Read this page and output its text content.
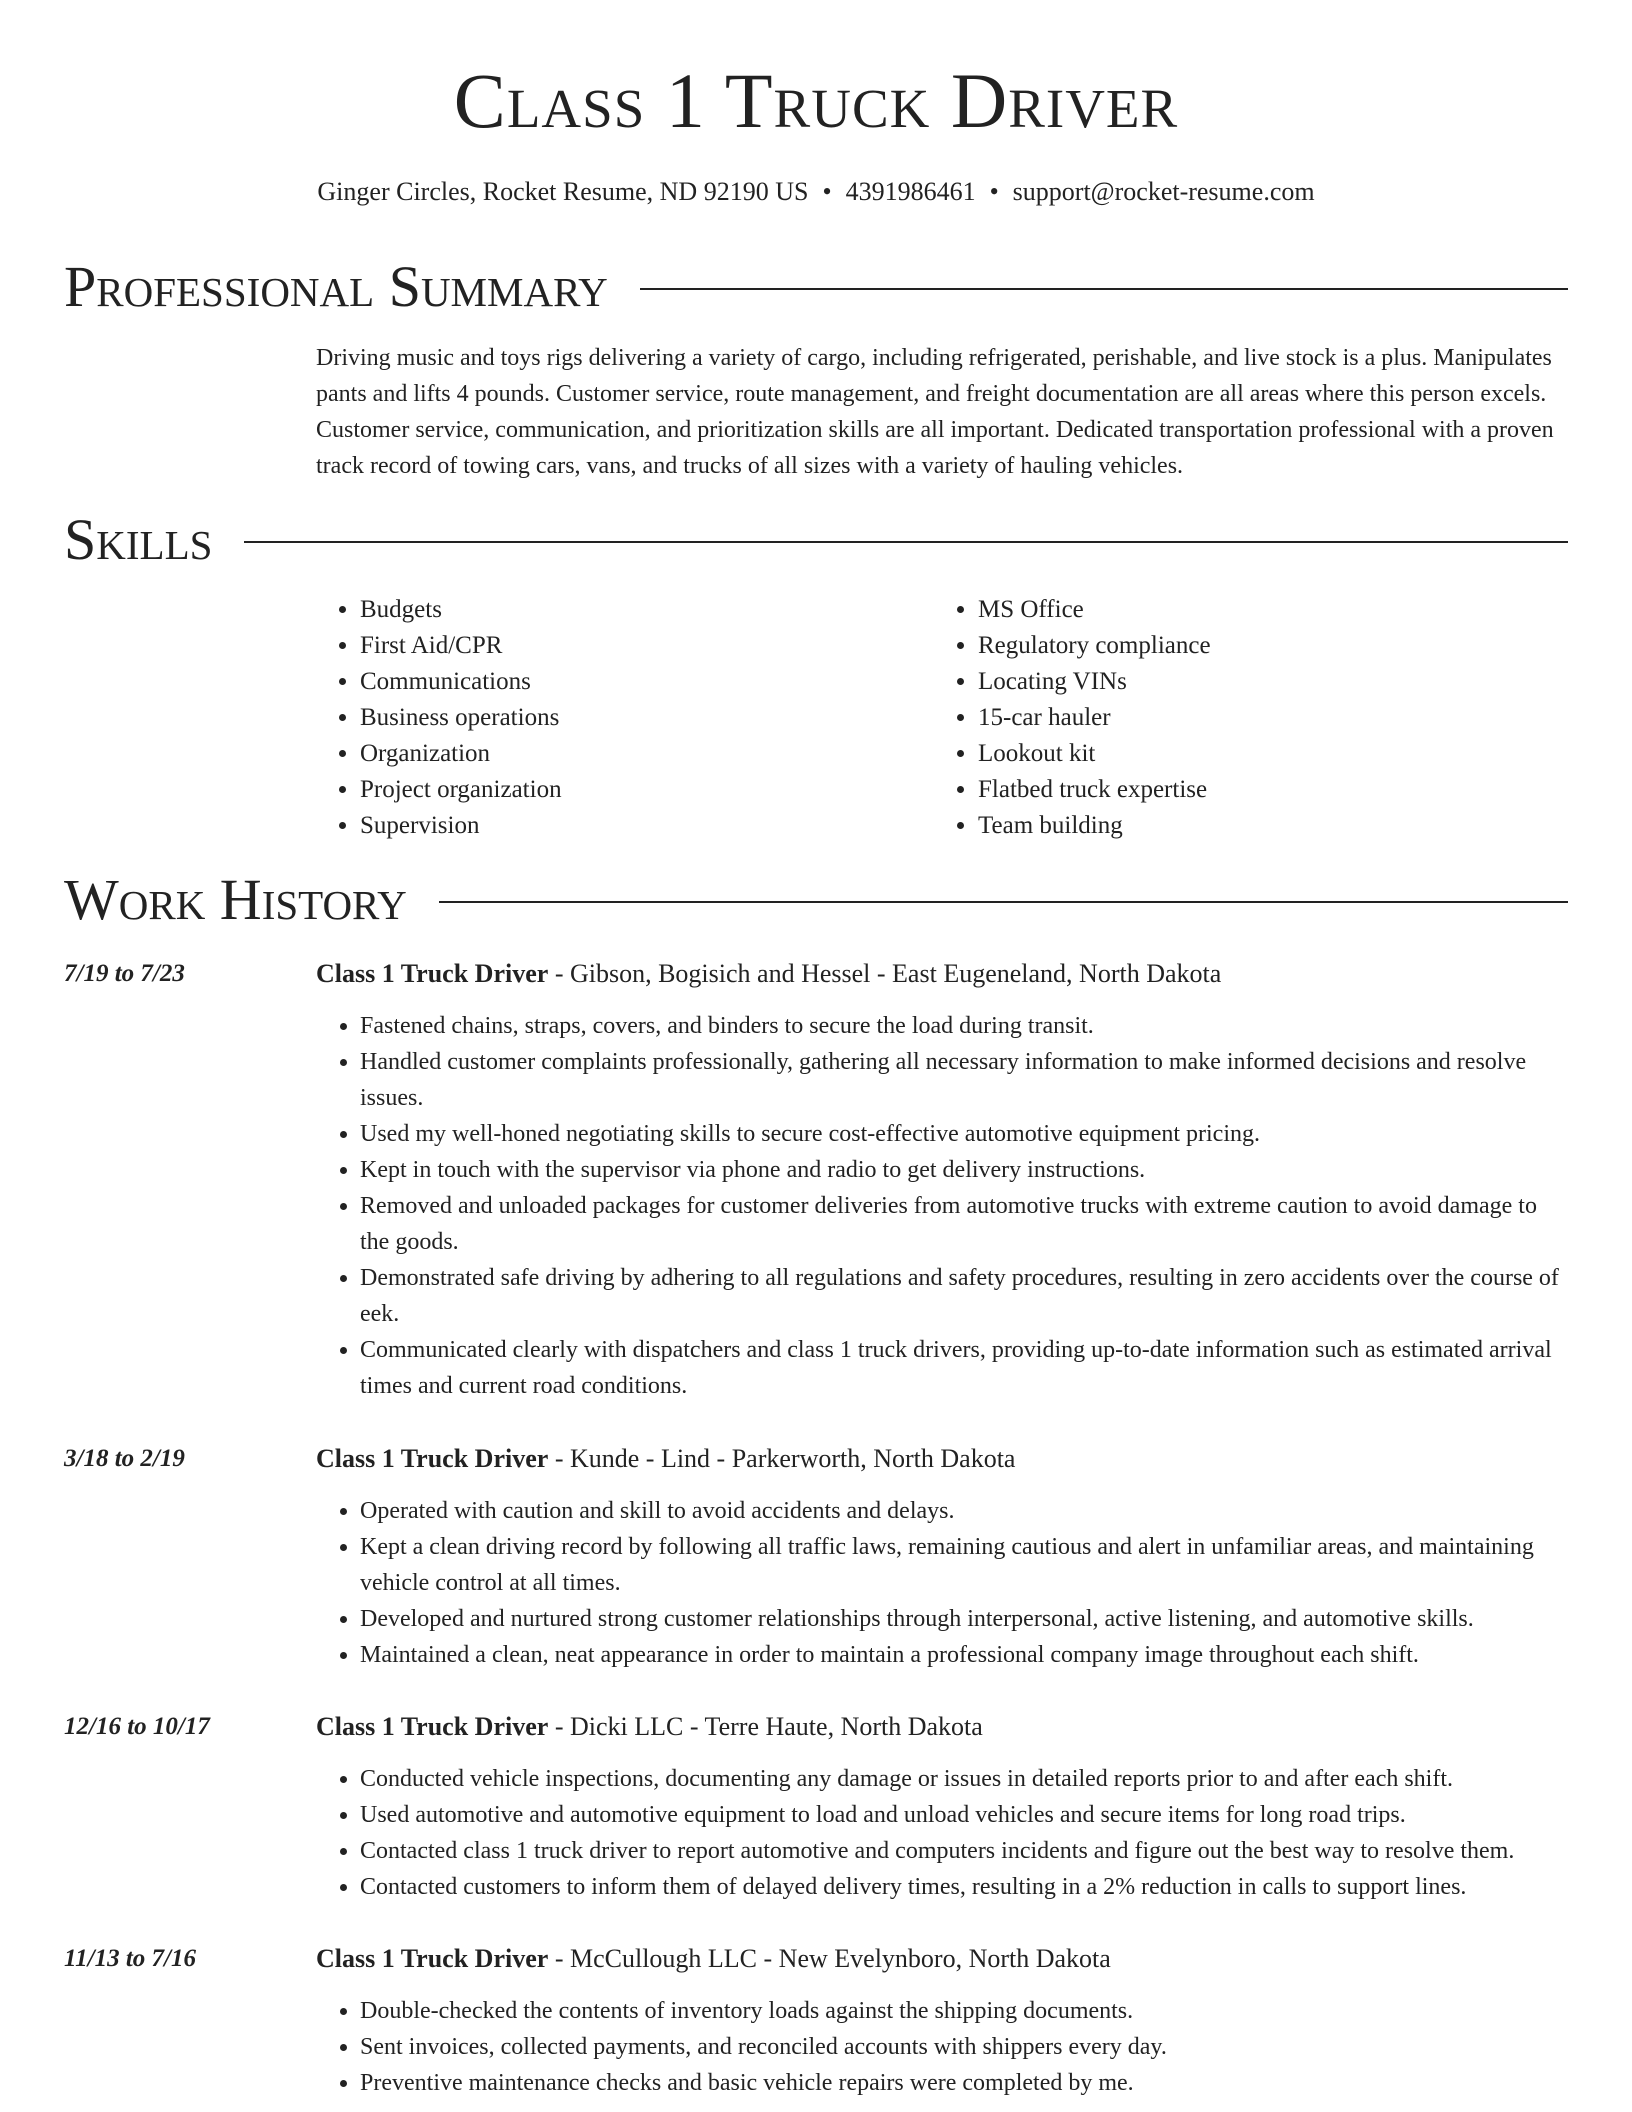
Class 1 Truck Driver
Ginger Circles, Rocket Resume, ND 92190 US • 4391986461 • support@rocket-resume.com
Professional Summary

Driving music and toys rigs delivering a variety of cargo, including refrigerated, perishable, and live stock is a plus. Manipulates pants and lifts 4 pounds. Customer service, route management, and freight documentation are all areas where this person excels. Customer service, communication, and prioritization skills are all important. Dedicated transportation professional with a proven track record of towing cars, vans, and trucks of all sizes with a variety of hauling vehicles.

Skills
• Budgets
• First Aid/CPR
• Communications
• Business operations
• Organization
• Project organization
• Supervision
• MS Office
• Regulatory compliance
• Locating VINs
• 15-car hauler
• Lookout kit
• Flatbed truck expertise
• Team building
Work History
7/19 to 7/23	Class 1 Truck Driver - Gibson, Bogisich and Hessel - East Eugeneland, North Dakota
• Fastened chains, straps, covers, and binders to secure the load during transit.
• Handled customer complaints professionally, gathering all necessary information to make informed decisions and resolve issues.
• Used my well-honed negotiating skills to secure cost-effective automotive equipment pricing.
• Kept in touch with the supervisor via phone and radio to get delivery instructions.
• Removed and unloaded packages for customer deliveries from automotive trucks with extreme caution to avoid damage to the goods.
• Demonstrated safe driving by adhering to all regulations and safety procedures, resulting in zero accidents over the course of eek.
• Communicated clearly with dispatchers and class 1 truck drivers, providing up-to-date information such as estimated arrival times and current road conditions.
3/18 to 2/19	Class 1 Truck Driver - Kunde - Lind - Parkerworth, North Dakota
• Operated with caution and skill to avoid accidents and delays.
• Kept a clean driving record by following all traffic laws, remaining cautious and alert in unfamiliar areas, and maintaining vehicle control at all times.
• Developed and nurtured strong customer relationships through interpersonal, active listening, and automotive skills.
• Maintained a clean, neat appearance in order to maintain a professional company image throughout each shift.
12/16 to 10/17	Class 1 Truck Driver - Dicki LLC - Terre Haute, North Dakota
• Conducted vehicle inspections, documenting any damage or issues in detailed reports prior to and after each shift.
• Used automotive and automotive equipment to load and unload vehicles and secure items for long road trips.
• Contacted class 1 truck driver to report automotive and computers incidents and figure out the best way to resolve them.
• Contacted customers to inform them of delayed delivery times, resulting in a 2% reduction in calls to support lines.
11/13 to 7/16	Class 1 Truck Driver - McCullough LLC - New Evelynboro, North Dakota
• Double-checked the contents of inventory loads against the shipping documents.
• Sent invoices, collected payments, and reconciled accounts with shippers every day.
• Preventive maintenance checks and basic vehicle repairs were completed by me.
